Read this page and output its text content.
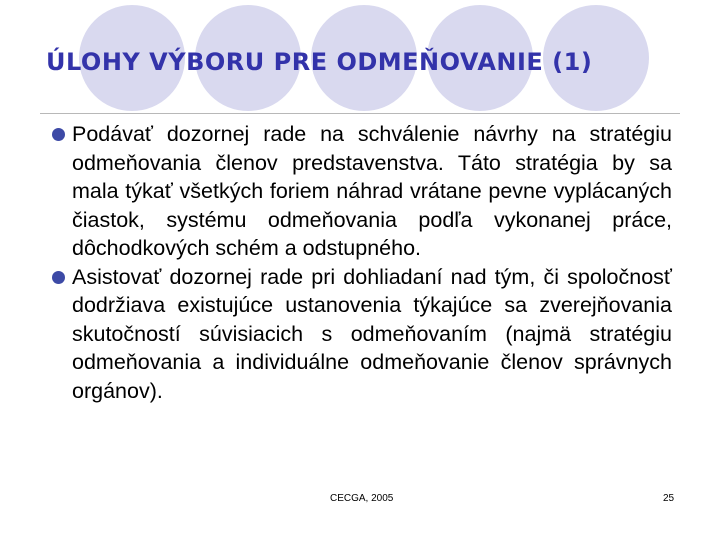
ÚLOHY VÝBORU PRE ODMEŇOVANIE (1)
Podávať dozornej rade na schválenie návrhy na stratégiu odmeňovania členov predstavenstva. Táto stratégia by sa mala týkať všetkých foriem náhrad vrátane pevne vyplácaných čiastok, systému odmeňovania podľa vykonanej práce, dôchodkových schém a odstupného.
Asistovať dozornej rade pri dohliadaní nad tým, či spoločnosť dodržiava existujúce ustanovenia týkajúce sa zverejňovania skutočností súvisiacich s odmeňovaním (najmä stratégiu odmeňovania a individuálne odmeňovanie členov správnych orgánov).
CECGA, 2005	25
